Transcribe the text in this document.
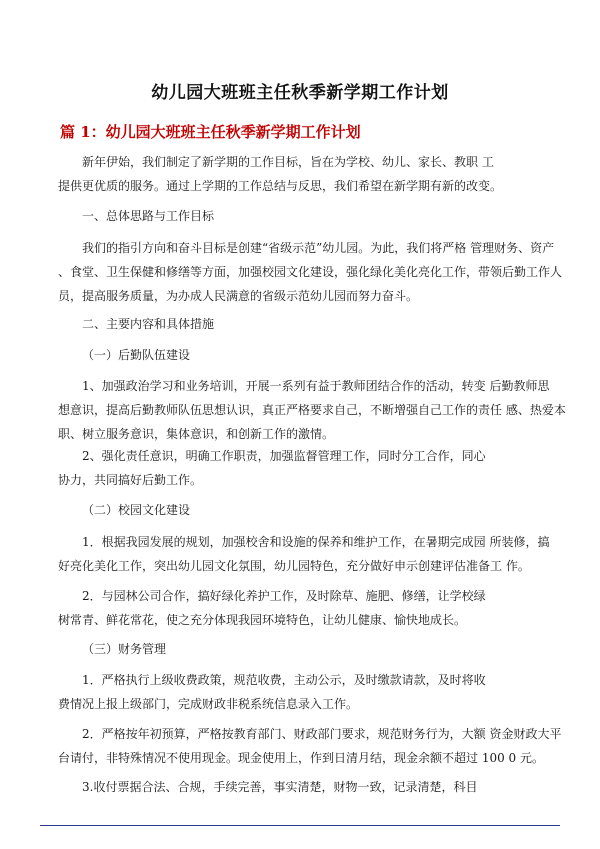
幼儿园大班班主任秋季新学期工作计划
篇 1：幼儿园大班班主任秋季新学期工作计划

新年伊始，我们制定了新学期的工作目标，旨在为学校、幼儿、家长、教职 工
提供更优质的服务。通过上学期的工作总结与反思，我们希望在新学期有新的改变。

一、总体思路与工作目标

我们的指引方向和奋斗目标是创建“省级示范”幼儿园。为此，我们将严格 管理财务、资产
、食堂、卫生保健和修缮等方面，加强校园文化建设，强化绿化美化亮化工作，带领后勤工作人
员，提高服务质量，为办成人民满意的省级示范幼儿园而努力奋斗。

二、主要内容和具体措施
（一）后勤队伍建设

1、加强政治学习和业务培训，开展一系列有益于教师团结合作的活动，转变 后勤教师思
想意识，提高后勤教师队伍思想认识，真正严格要求自己，不断增强自己工作的责任 感、热爱本
职、树立服务意识，集体意识，和创新工作的激情。

2、强化责任意识，明确工作职责，加强监督管理工作，同时分工合作，同心
协力，共同搞好后勤工作。

（二）校园文化建设

1．根据我园发展的规划，加强校舍和设施的保养和维护工作，在暑期完成园 所装修，搞
好亮化美化工作，突出幼儿园文化氛围，幼儿园特色，充分做好申示创建评估准备工 作。

2．与园林公司合作，搞好绿化养护工作，及时除草、施肥、修缮，让学校绿
树常青、鲜花常花，使之充分体现我园环境特色，让幼儿健康、愉快地成长。

（三）财务管理

1．严格执行上级收费政策，规范收费，主动公示，及时缴款请款，及时将收
费情况上报上级部门，完成财政非税系统信息录入工作。

2．严格按年初预算，严格按教育部门、财政部门要求，规范财务行为，大额 资金财政大平
台请付，非特殊情况不使用现金。现金使用上，作到日清月结，现金余额不超过 100 0 元。

3.收付票据合法、合规，手续完善，事实清楚，财物一致，记录清楚，科目
